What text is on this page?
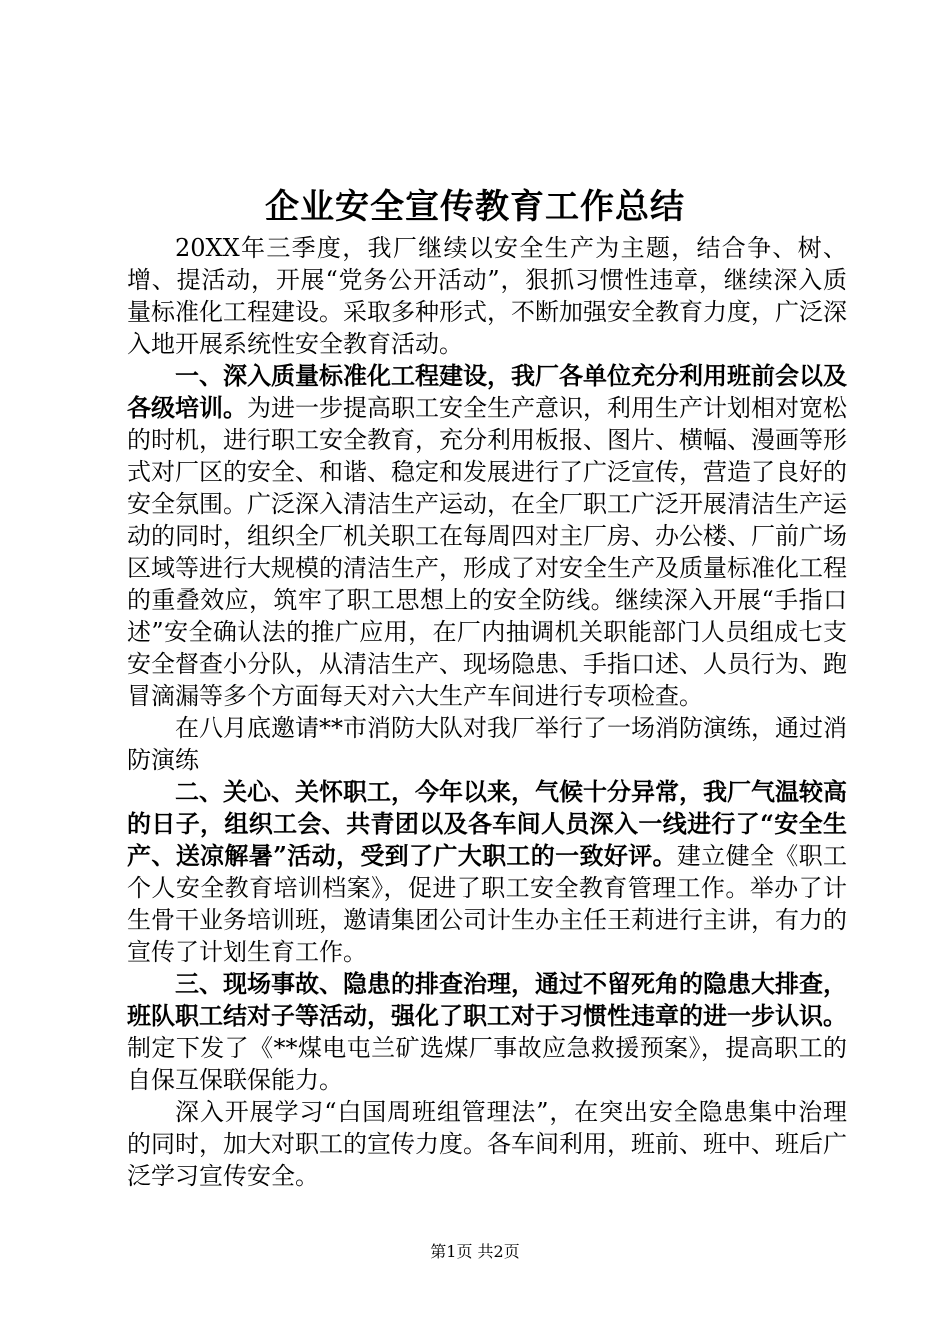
企业安全宣传教育工作总结

20XX年三季度，我厂继续以安全生产为主题，结合争、树、增、提活动，开展“党务公开活动”，狠抓习惯性违章，继续深入质量标准化工程建设。采取多种形式，不断加强安全教育力度，广泛深入地开展系统性安全教育活动。

一、深入质量标准化工程建设，我厂各单位充分利用班前会以及各级培训。为进一步提高职工安全生产意识，利用生产计划相对宽松的时机，进行职工安全教育，充分利用板报、图片、横幅、漫画等形式对厂区的安全、和谐、稳定和发展进行了广泛宣传，营造了良好的安全氛围。广泛深入清洁生产运动，在全厂职工广泛开展清洁生产运动的同时，组织全厂机关职工在每周四对主厂房、办公楼、厂前广场区域等进行大规模的清洁生产，形成了对安全生产及质量标准化工程的重叠效应，筑牢了职工思想上的安全防线。继续深入开展“手指口述”安全确认法的推广应用，在厂内抽调机关职能部门人员组成七支安全督查小分队，从清洁生产、现场隐患、手指口述、人员行为、跑冒滴漏等多个方面每天对六大生产车间进行专项检查。

在八月底邀请**市消防大队对我厂举行了一场消防演练，通过消防演练

二、关心、关怀职工，今年以来，气候十分异常，我厂气温较高的日子，组织工会、共青团以及各车间人员深入一线进行了“安全生产、送凉解暑”活动，受到了广大职工的一致好评。建立健全《职工个人安全教育培训档案》，促进了职工安全教育管理工作。举办了计生骨干业务培训班，邀请集团公司计生办主任王莉进行主讲，有力的宣传了计划生育工作。

三、现场事故、隐患的排查治理，通过不留死角的隐患大排查，班队职工结对子等活动，强化了职工对于习惯性违章的进一步认识。制定下发了《**煤电屯兰矿选煤厂事故应急救援预案》，提高职工的自保互保联保能力。

深入开展学习“白国周班组管理法”，在突出安全隐患集中治理的同时，加大对职工的宣传力度。各车间利用，班前、班中、班后广泛学习宣传安全。

第1页 共2页
